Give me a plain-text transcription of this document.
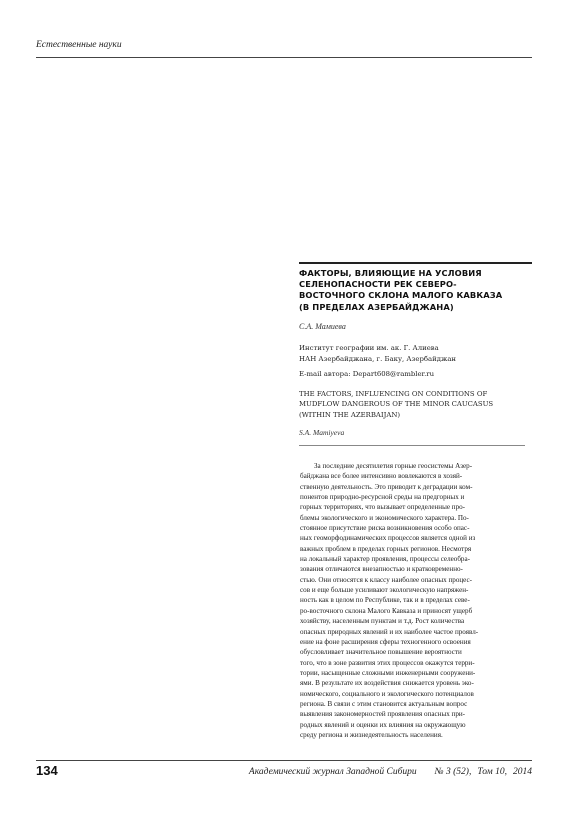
Естественные науки
ФАКТОРЫ, ВЛИЯЮЩИЕ НА УСЛОВИЯ
СЕЛЕНОПАСНОСТИ РЕК СЕВЕРО-
ВОСТОЧНОГО СКЛОНА МАЛОГО КАВКАЗА
(В ПРЕДЕЛАХ АЗЕРБАЙДЖАНА)
С.А. Мамиева
Институт географии им. ак. Г. Алиева
НАН Азербайджана, г. Баку, Азербайджан
E-mail автора: Depart608@rambler.ru
THE FACTORS, INFLUENCING ON CONDITIONS OF
MUDFLOW DANGEROUS OF THE MINOR CAUCASUS
(WITHIN THE AZERBAIJAN)
S.A. Mamiyeva
За последние десятилетия горные геосистемы Азер-
байджана все более интенсивно вовлекаются в хозяй-
ственную деятельность. Это приводит к деградации ком-
понентов природно-ресурсной среды на предгорных и
горных территориях, что вызывает определенные про-
блемы экологического и экономического характера. По-
стоянное присутствие риска возникновения особо опас-
ных геоморфодинамических процессов является одной из
важных проблем в пределах горных регионов. Несмотря
на локальный характер проявления, процессы селеобра-
зования отличаются внезапностью и кратковременно-
стью. Они относятся к классу наиболее опасных процес-
сов и еще больше усиливают экологическую напряжен-
ность как в целом по Республике, так и в пределах севе-
ро-восточного склона Малого Кавказа и приносят ущерб
хозяйству, населенным пунктам и т.д. Рост количества
опасных природных явлений и их наиболее частое проявл-
ение на фоне расширения сферы техногенного освоения
обусловливает значительное повышение вероятности
того, что в зоне развития этих процессов окажутся терри-
тории, насыщенные сложными инженерными сооружени-
ями. В результате их воздействия снижается уровень эко-
номического, социального и экологического потенциалов
региона. В связи с этим становится актуальным вопрос
выявления закономерностей проявления опасных при-
родных явлений и оценки их влияния на окружающую
среду региона и жизнедеятельность населения.
134	Академический журнал Западной Сибири № 3 (52), Том 10, 2014
